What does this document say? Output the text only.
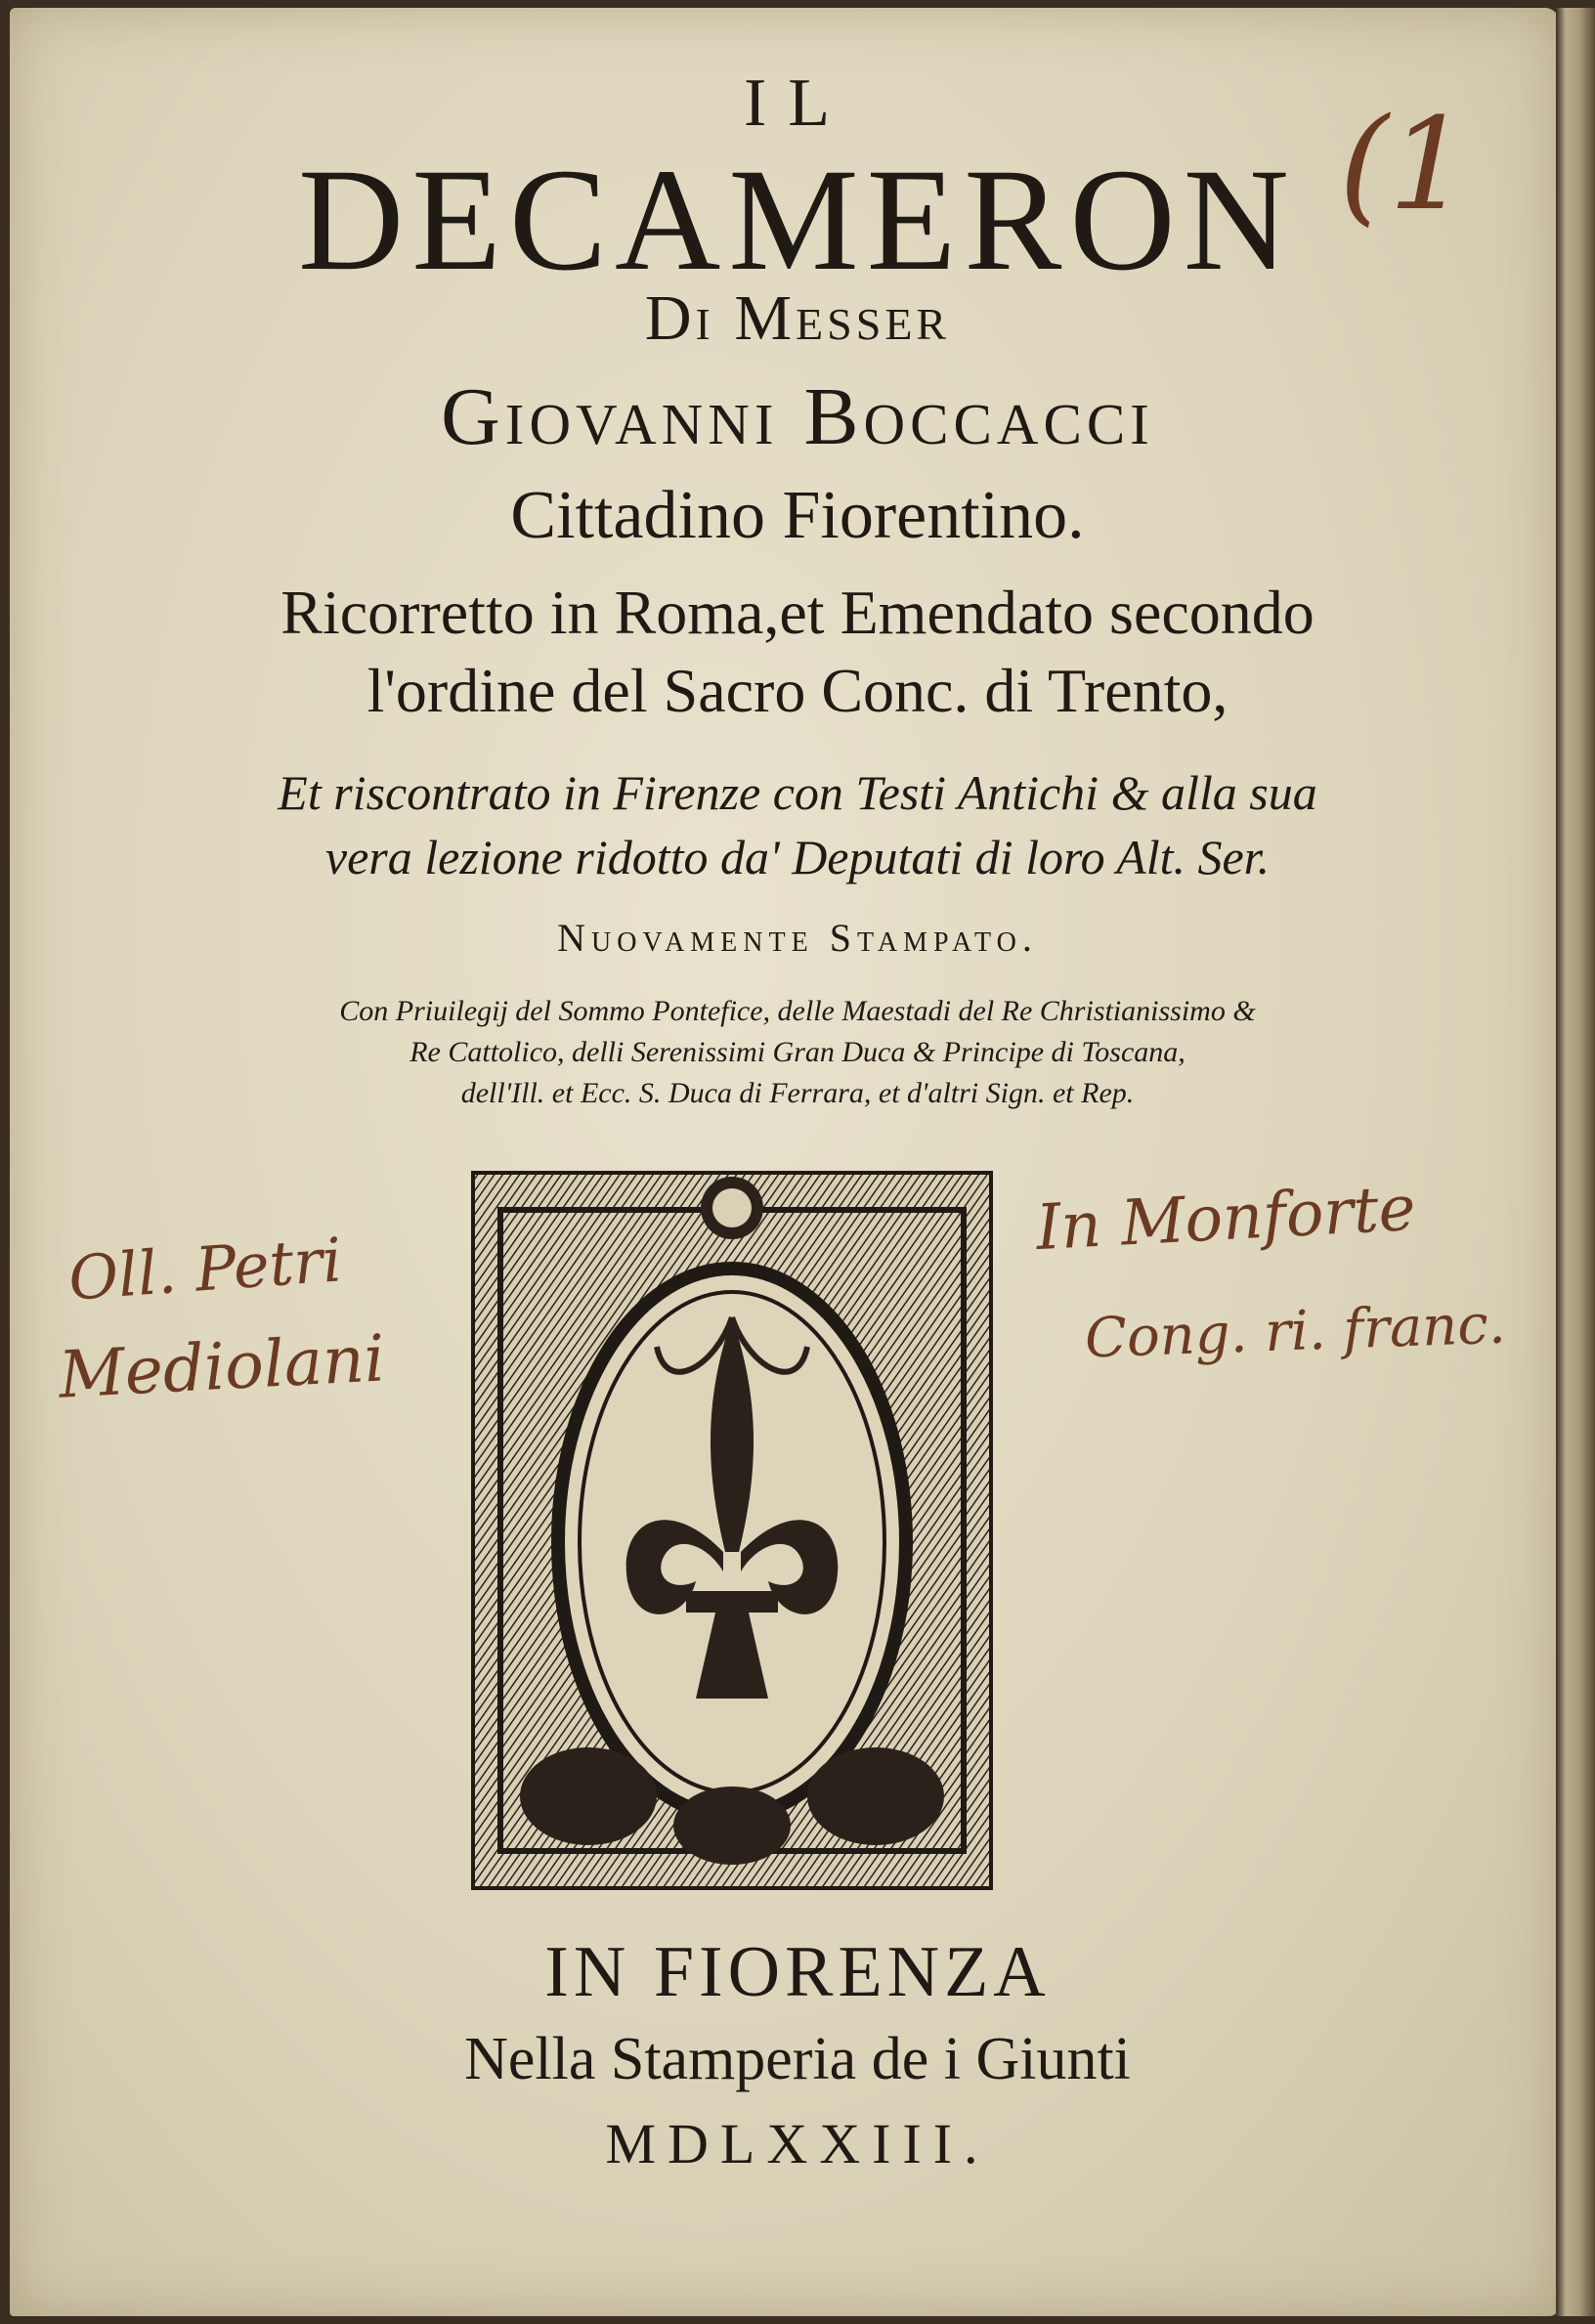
IL
DECAMERON
Di Messer
Giovanni Boccacci
Cittadino Fiorentino.
Ricorretto in Roma,et Emendato secondo
l'ordine del Sacro Conc. di Trento,
Et riscontrato in Firenze con Testi Antichi & alla sua
vera lezione ridotto da' Deputati di loro Alt. Ser.
Nuovamente Stampato.
Con Priuilegij del Sommo Pontefice, delle Maestadi del Re Christianissimo &
Re Cattolico, delli Serenissimi Gran Duca & Principe di Toscana,
dell'Ill. et Ecc. S. Duca di Ferrara, et d'altri Sign. et Rep.
IN FIORENZA
Nella Stamperia de i Giunti
MDLXXIII.
(1
Oll. Petri
Mediolani
In Monforte
Cong. ri. franc.
